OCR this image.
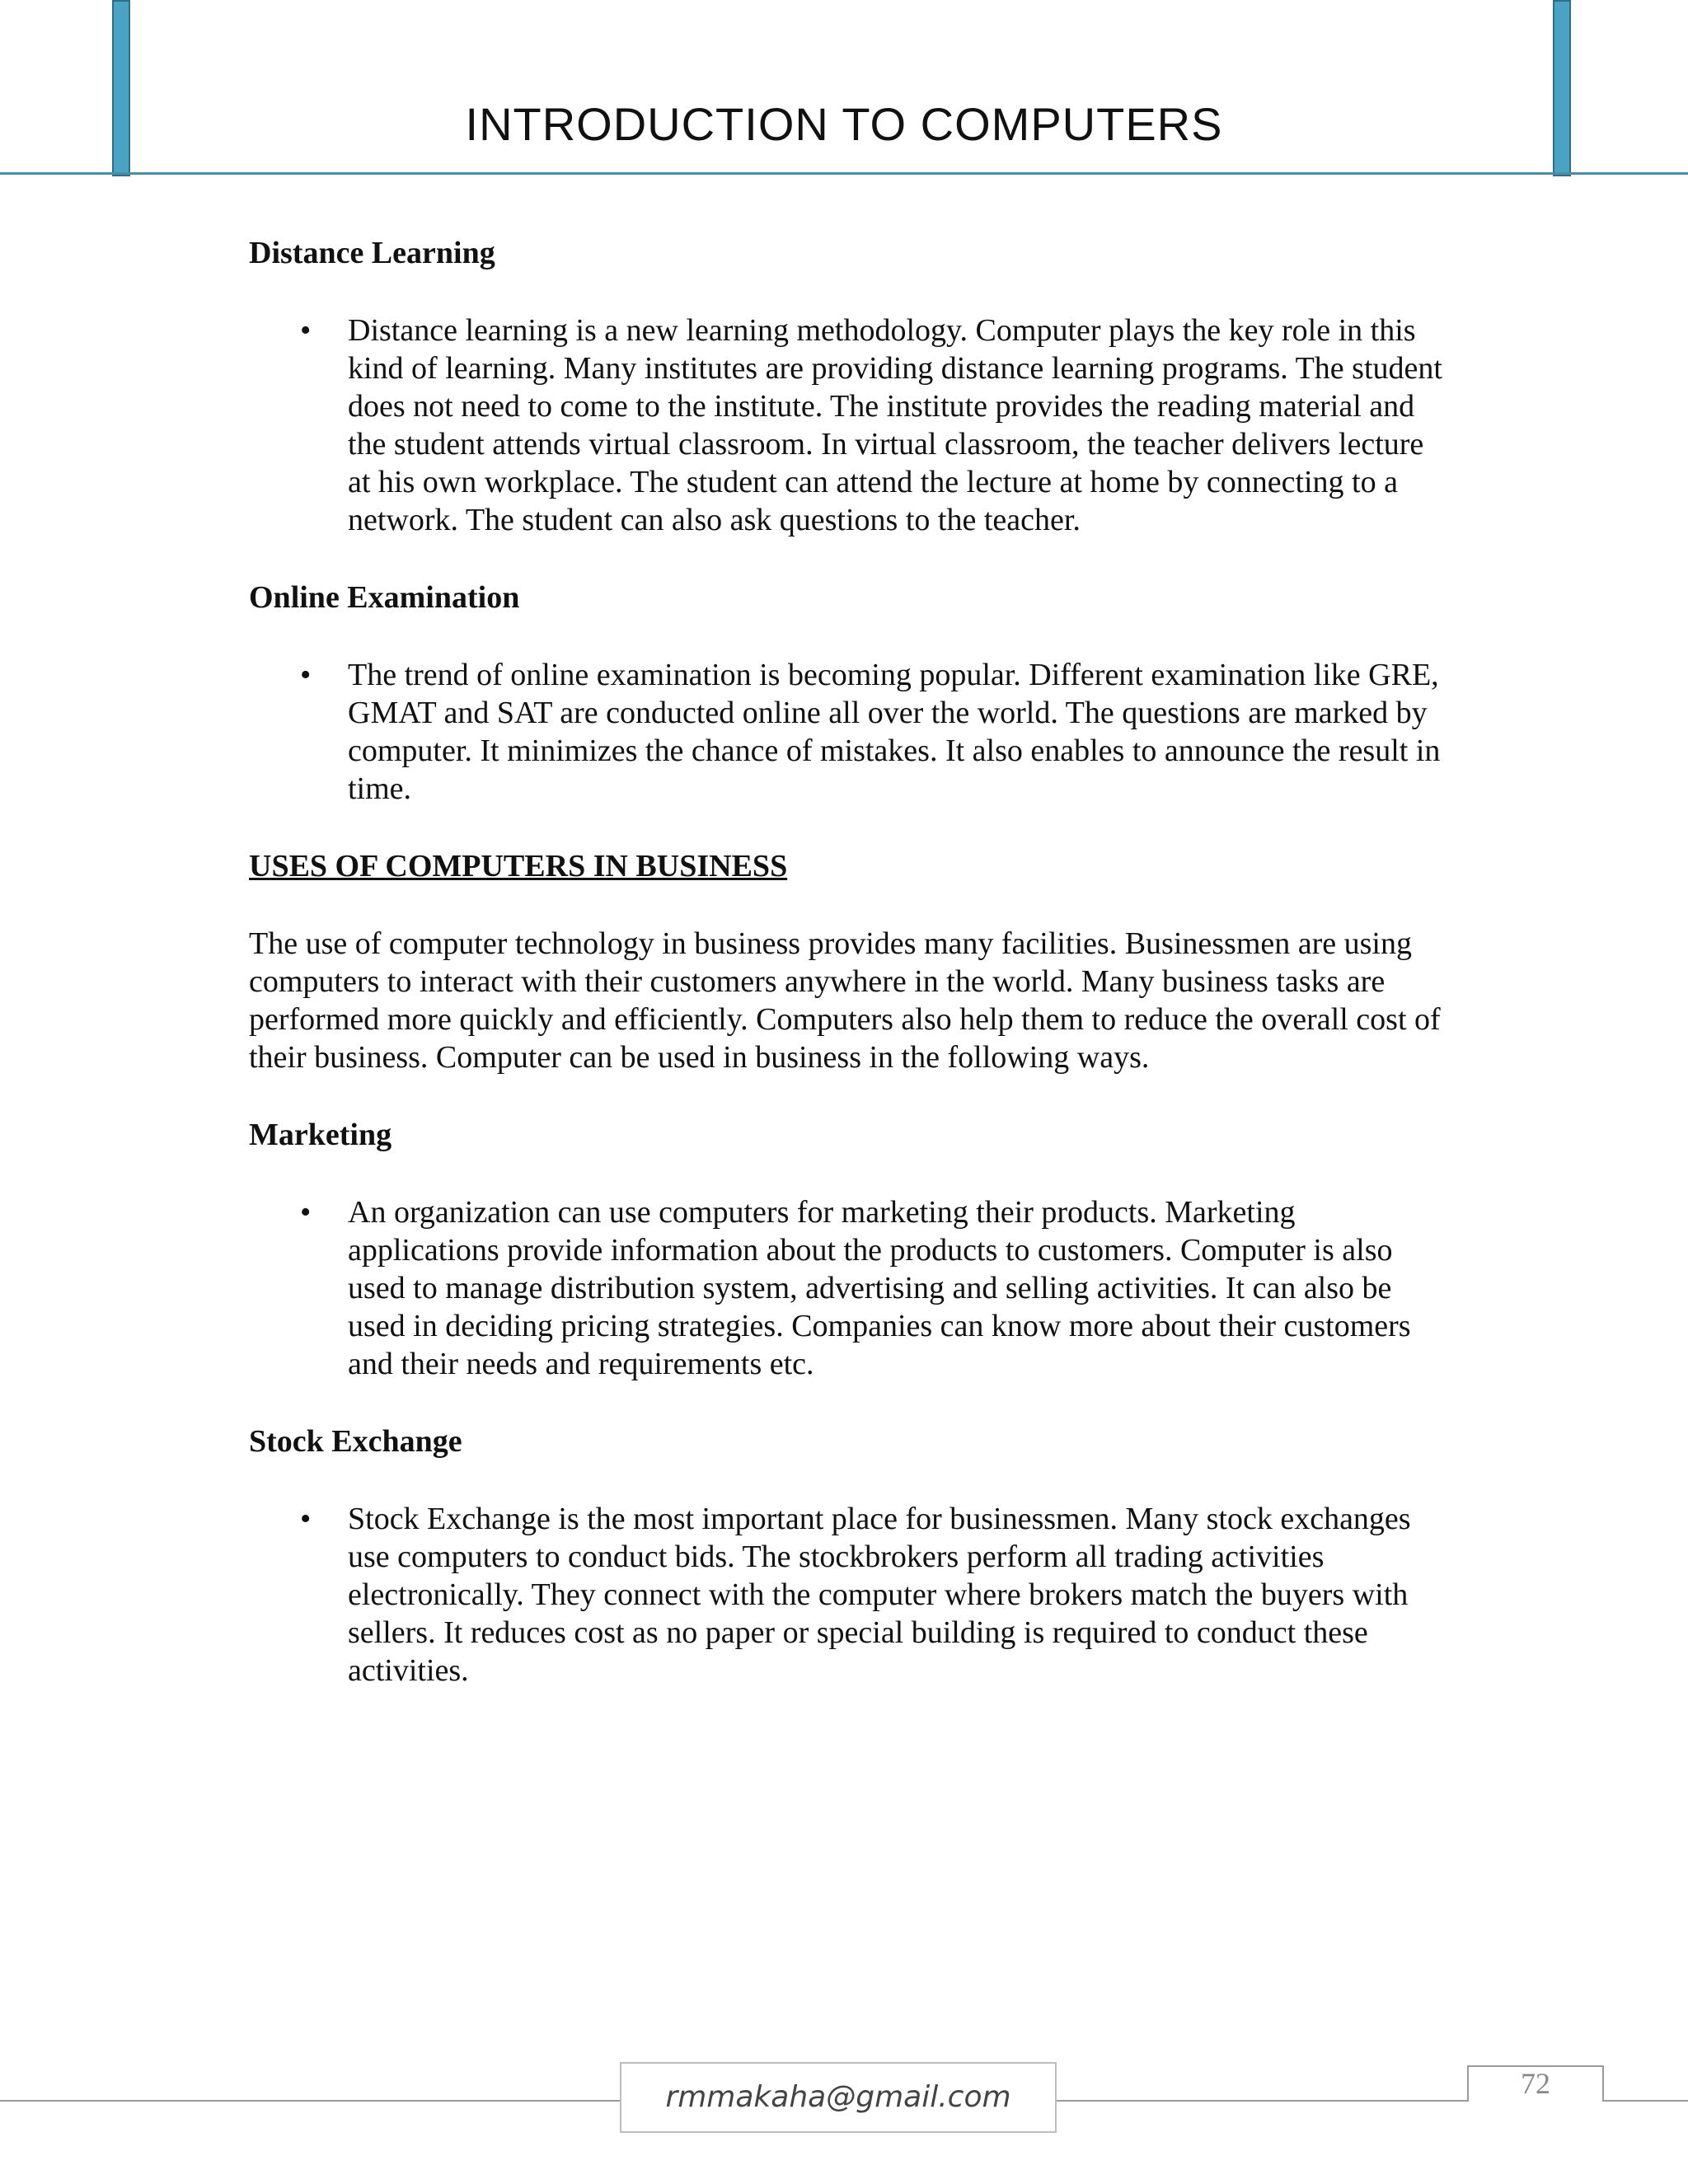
INTRODUCTION TO COMPUTERS
Distance Learning
• Distance learning is a new learning methodology. Computer plays the key role in this kind of learning. Many institutes are providing distance learning programs. The student does not need to come to the institute. The institute provides the reading material and the student attends virtual classroom. In virtual classroom, the teacher delivers lecture at his own workplace. The student can attend the lecture at home by connecting to a network. The student can also ask questions to the teacher.
Online Examination
• The trend of online examination is becoming popular. Different examination like GRE, GMAT and SAT are conducted online all over the world. The questions are marked by computer. It minimizes the chance of mistakes. It also enables to announce the result in time.
USES OF COMPUTERS IN BUSINESS
The use of computer technology in business provides many facilities. Businessmen are using computers to interact with their customers anywhere in the world. Many business tasks are performed more quickly and efficiently. Computers also help them to reduce the overall cost of their business. Computer can be used in business in the following ways.
Marketing
• An organization can use computers for marketing their products. Marketing applications provide information about the products to customers. Computer is also used to manage distribution system, advertising and selling activities. It can also be used in deciding pricing strategies. Companies can know more about their customers and their needs and requirements etc.
Stock Exchange
• Stock Exchange is the most important place for businessmen. Many stock exchanges use computers to conduct bids. The stockbrokers perform all trading activities electronically. They connect with the computer where brokers match the buyers with sellers. It reduces cost as no paper or special building is required to conduct these activities.
rmmakaha@gmail.com	72
